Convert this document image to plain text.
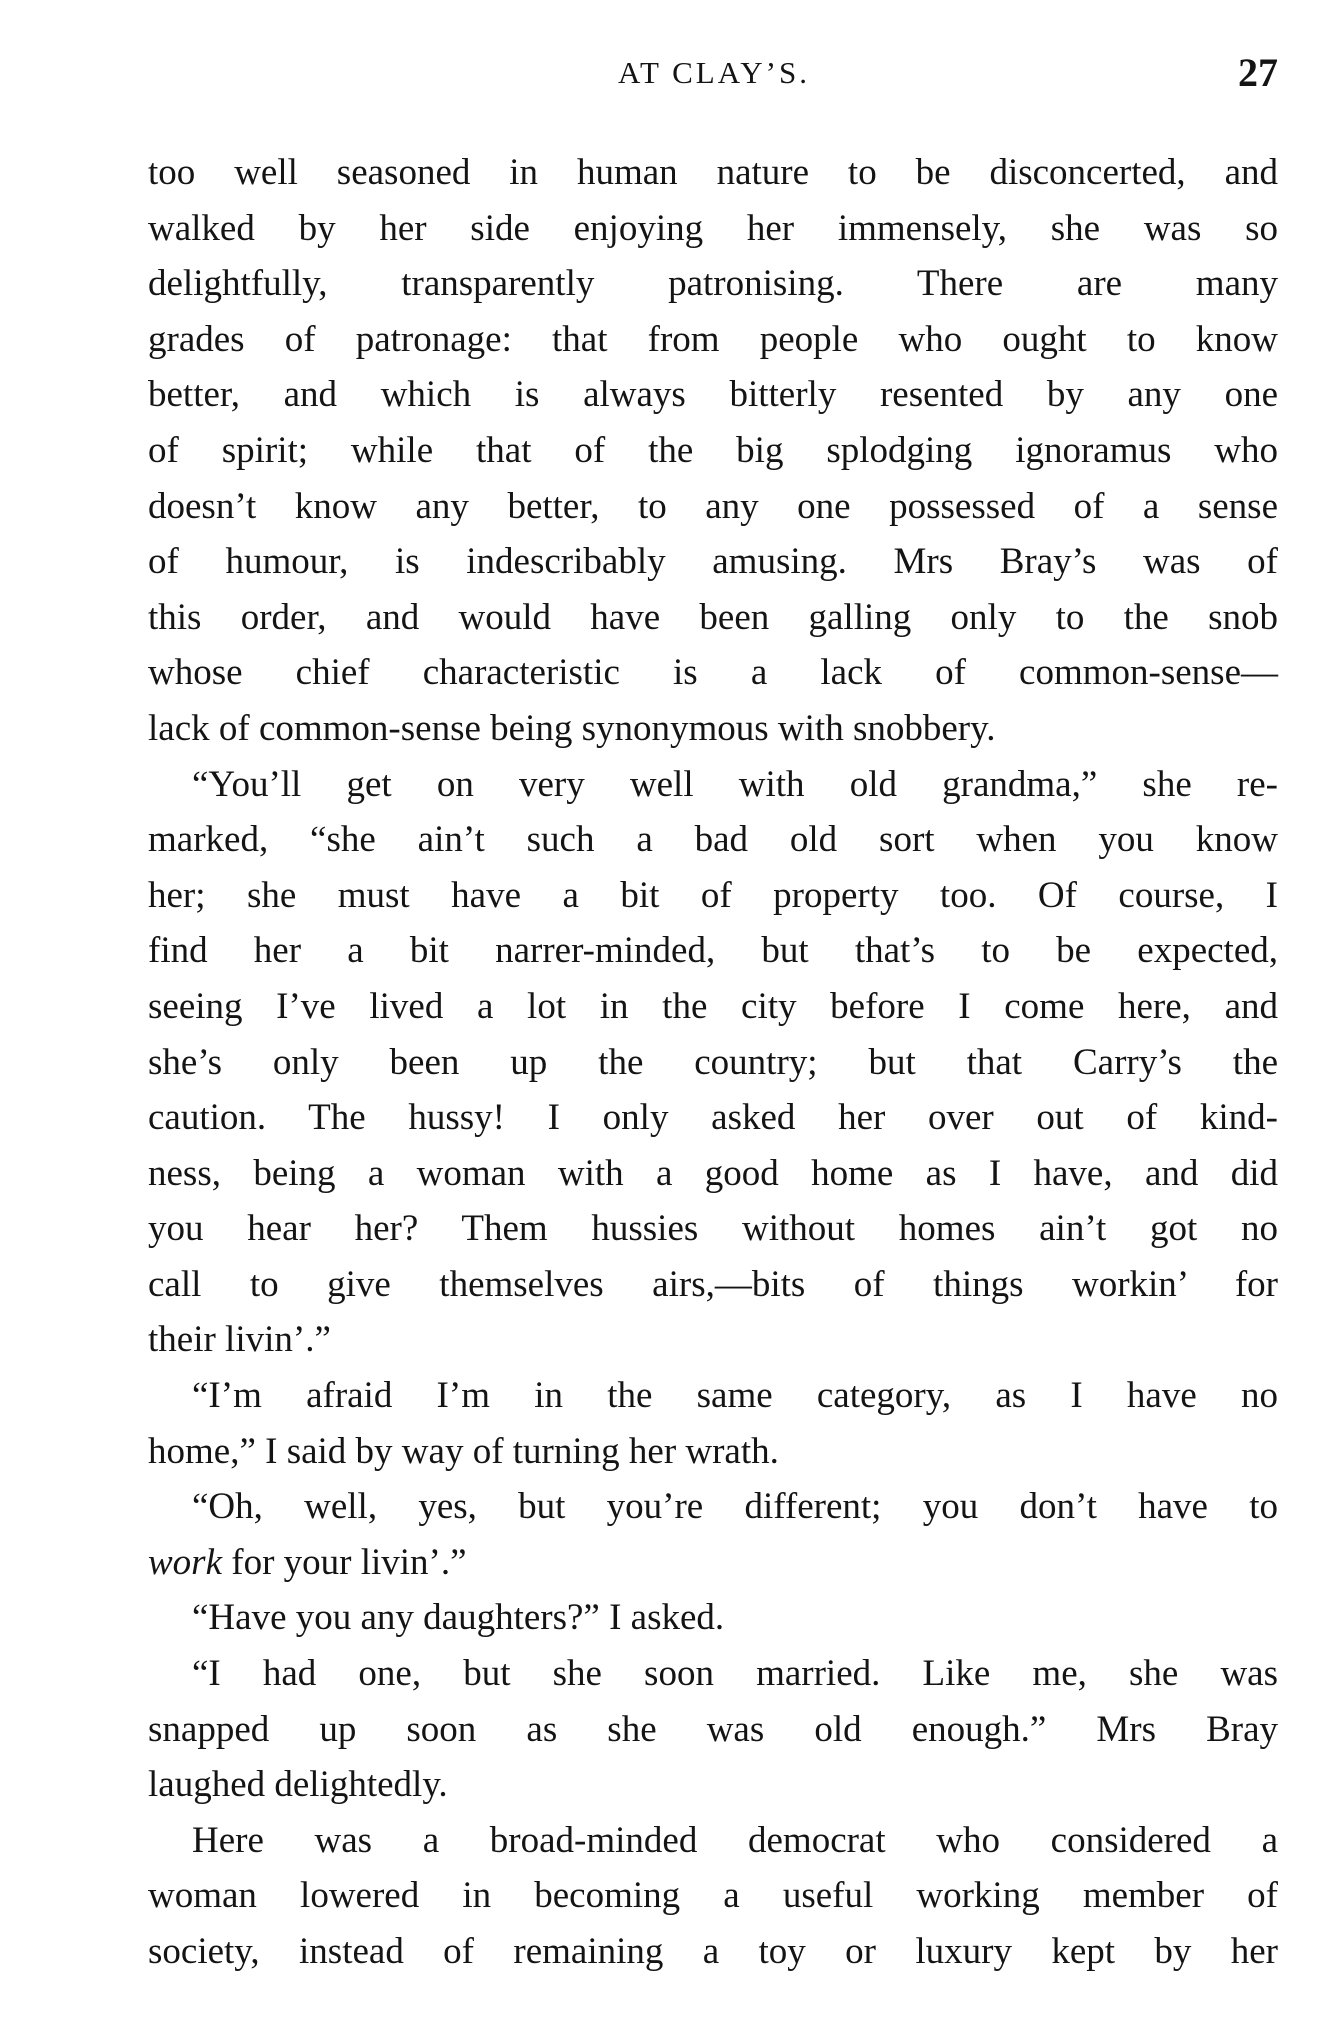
AT CLAY’S.	27
too well seasoned in human nature to be disconcerted, and
walked by her side enjoying her immensely, she was so
delightfully, transparently patronising. There are many
grades of patronage: that from people who ought to know
better, and which is always bitterly resented by any one
of spirit; while that of the big splodging ignoramus who
doesn’t know any better, to any one possessed of a sense
of humour, is indescribably amusing. Mrs Bray’s was of
this order, and would have been galling only to the snob
whose chief characteristic is a lack of common-sense—
lack of common-sense being synonymous with snobbery.
“You’ll get on very well with old grandma,” she re-
marked, “she ain’t such a bad old sort when you know
her; she must have a bit of property too. Of course, I
find her a bit narrer-minded, but that’s to be expected,
seeing I’ve lived a lot in the city before I come here, and
she’s only been up the country; but that Carry’s the
caution. The hussy! I only asked her over out of kind-
ness, being a woman with a good home as I have, and did
you hear her? Them hussies without homes ain’t got no
call to give themselves airs,—bits of things workin’ for
their livin’.”
“I’m afraid I’m in the same category, as I have no
home,” I said by way of turning her wrath.
“Oh, well, yes, but you’re different; you don’t have to
work for your livin’.”
“Have you any daughters?” I asked.
“I had one, but she soon married. Like me, she was
snapped up soon as she was old enough.” Mrs Bray
laughed delightedly.
Here was a broad-minded democrat who considered a
woman lowered in becoming a useful working member of
society, instead of remaining a toy or luxury kept by her
